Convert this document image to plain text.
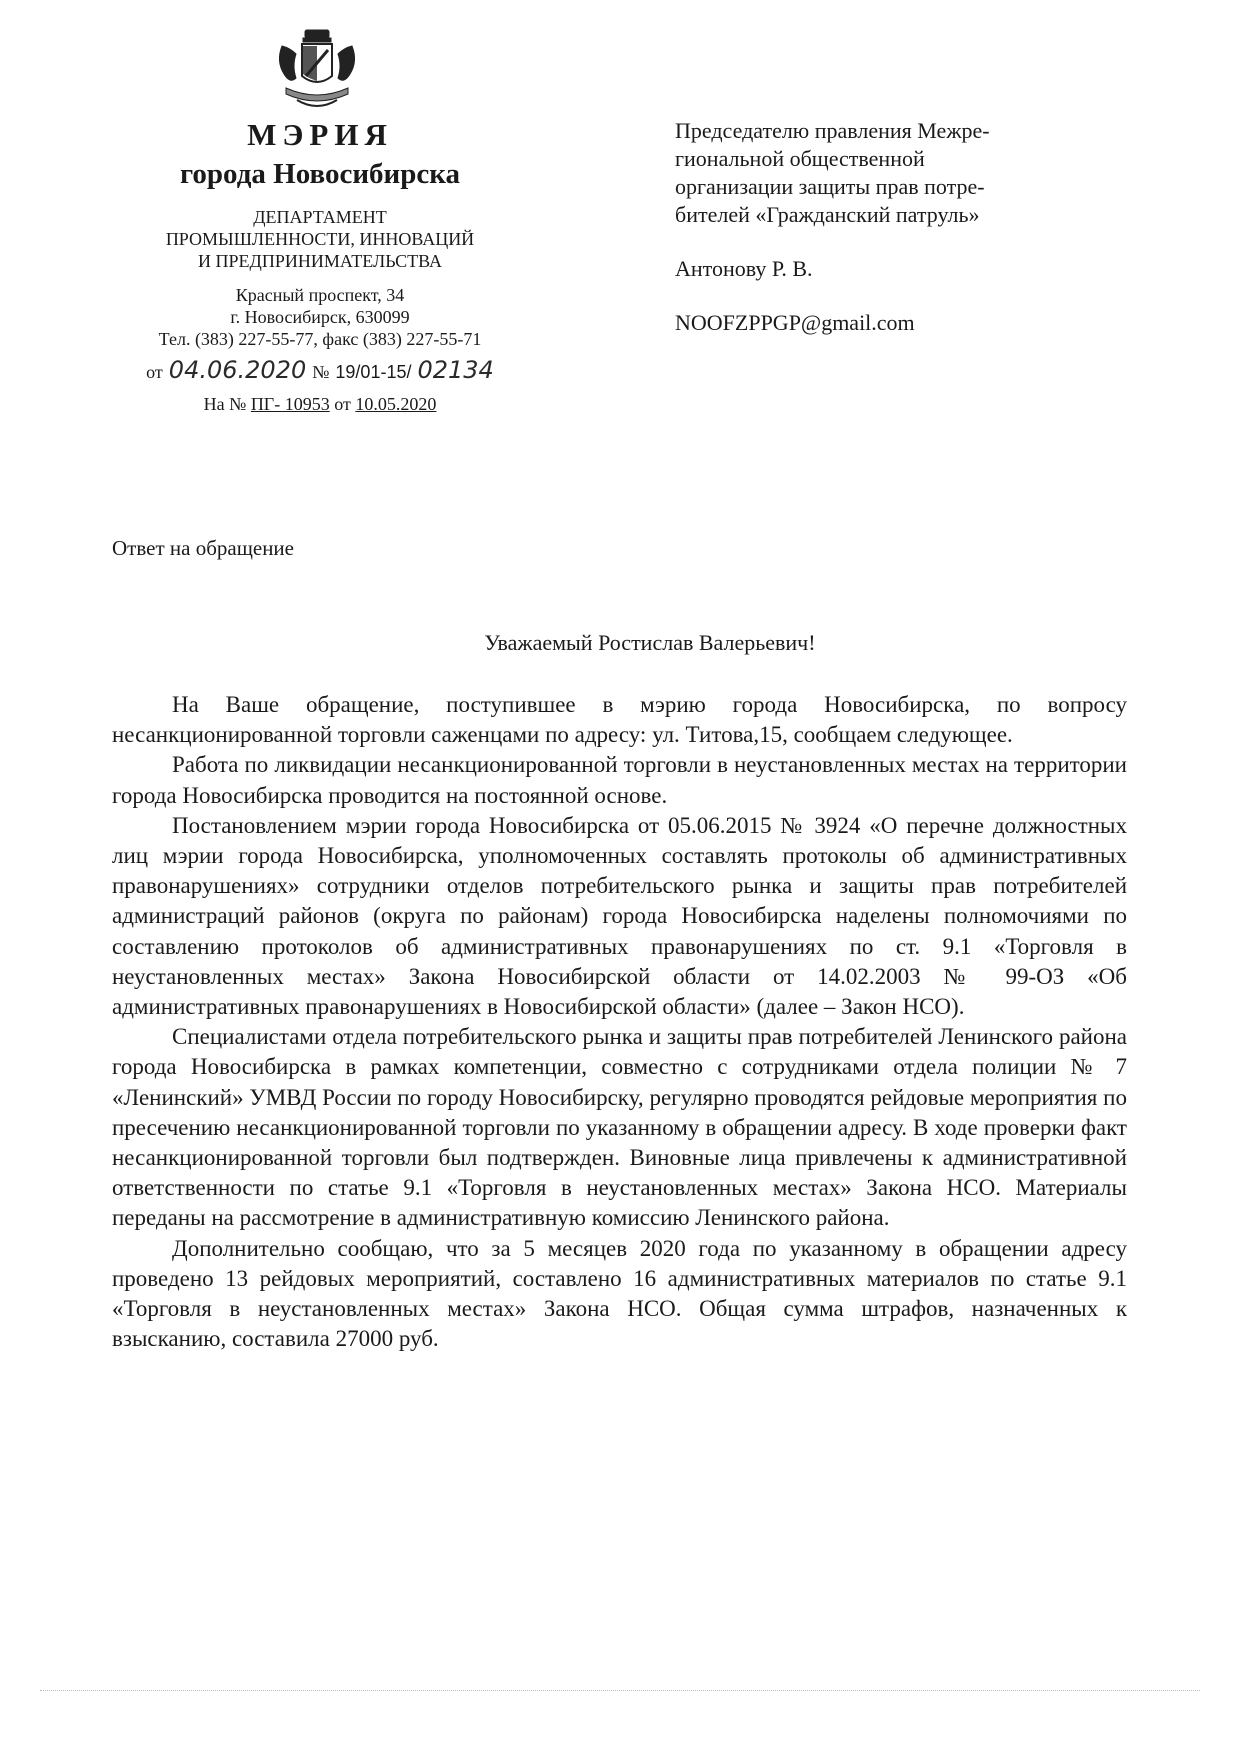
МЭРИЯ
города Новосибирска
ДЕПАРТАМЕНТ
ПРОМЫШЛЕННОСТИ, ИННОВАЦИЙ
И ПРЕДПРИНИМАТЕЛЬСТВА
Красный проспект, 34
г. Новосибирск, 630099
Тел. (383) 227-55-77, факс (383) 227-55-71
от 04.06.2020 № 19/01-15/ 02134
На № ПГ- 10953 от 10.05.2020
Председателю правления Межре-
гиональной общественной
организации защиты прав потре-
бителей «Гражданский патруль»
Антонову Р. В.
NOOFZPPGP@gmail.com
Ответ на обращение
Уважаемый Ростислав Валерьевич!

На Ваше обращение, поступившее в мэрию города Новосибирска, по вопросу несанкционированной торговли саженцами по адресу: ул. Титова,15, сообщаем следующее.

Работа по ликвидации несанкционированной торговли в неустановленных местах на территории города Новосибирска проводится на постоянной основе.

Постановлением мэрии города Новосибирска от 05.06.2015 № 3924 «О перечне должностных лиц мэрии города Новосибирска, уполномоченных составлять протоколы об административных правонарушениях» сотрудники отделов потребительского рынка и защиты прав потребителей администраций районов (округа по районам) города Новосибирска наделены полномочиями по составлению протоколов об административных правонарушениях по ст. 9.1 «Торговля в неустановленных местах» Закона Новосибирской области от 14.02.2003 № 99-ОЗ «Об административных правонарушениях в Новосибирской области» (далее – Закон НСО).

Специалистами отдела потребительского рынка и защиты прав потребителей Ленинского района города Новосибирска в рамках компетенции, совместно с сотрудниками отдела полиции № 7 «Ленинский» УМВД России по городу Новосибирску, регулярно проводятся рейдовые мероприятия по пресечению несанкционированной торговли по указанному в обращении адресу. В ходе проверки факт несанкционированной торговли был подтвержден. Виновные лица привлечены к административной ответственности по статье 9.1 «Торговля в неустановленных местах» Закона НСО. Материалы переданы на рассмотрение в административную комиссию Ленинского района.

Дополнительно сообщаю, что за 5 месяцев 2020 года по указанному в обращении адресу проведено 13 рейдовых мероприятий, составлено 16 административных материалов по статье 9.1 «Торговля в неустановленных местах» Закона НСО. Общая сумма штрафов, назначенных к взысканию, составила 27000 руб.
